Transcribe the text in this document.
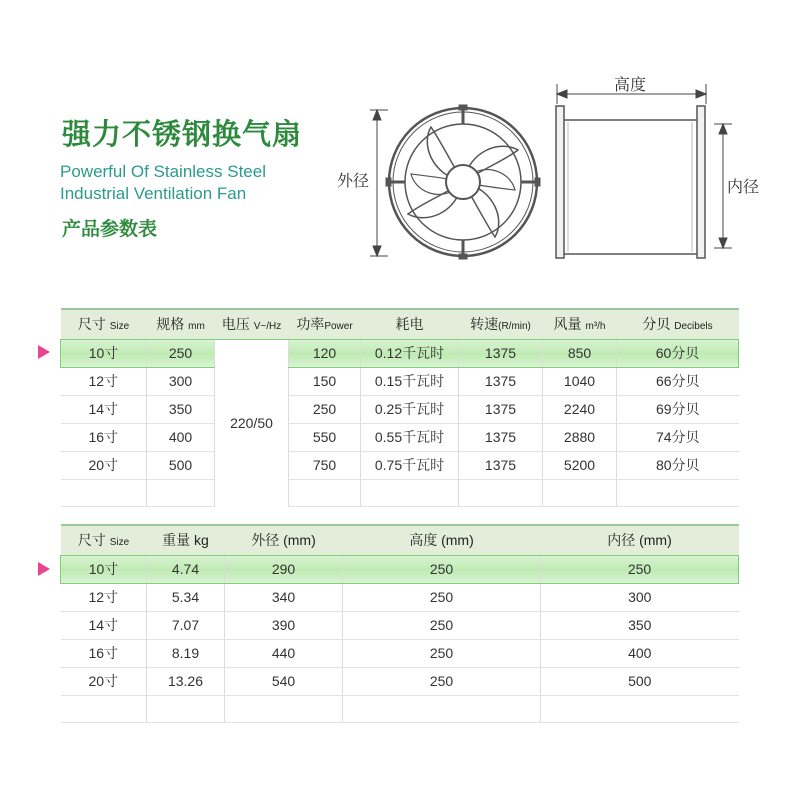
强力不锈钢换气扇
Powerful Of Stainless Steel
Industrial Ventilation Fan
产品参数表
外径
高度
内径
尺寸 Size	规格 mm	电压 V~/Hz	功率Power	耗电	转速(R/min)	风量 m³/h	分贝 Decibels
10寸	250	220/50	120	0.12千瓦时	1375	850	60分贝
12寸	300		150	0.15千瓦时	1375	1040	66分贝
14寸	350		250	0.25千瓦时	1375	2240	69分贝
16寸	400		550	0.55千瓦时	1375	2880	74分贝
20寸	500		750	0.75千瓦时	1375	5200	80分贝

尺寸 Size	重量 kg	外径 (mm)	高度 (mm)	内径 (mm)
10寸	4.74	290	250	250
12寸	5.34	340	250	300
14寸	7.07	390	250	350
16寸	8.19	440	250	400
20寸	13.26	540	250	500
